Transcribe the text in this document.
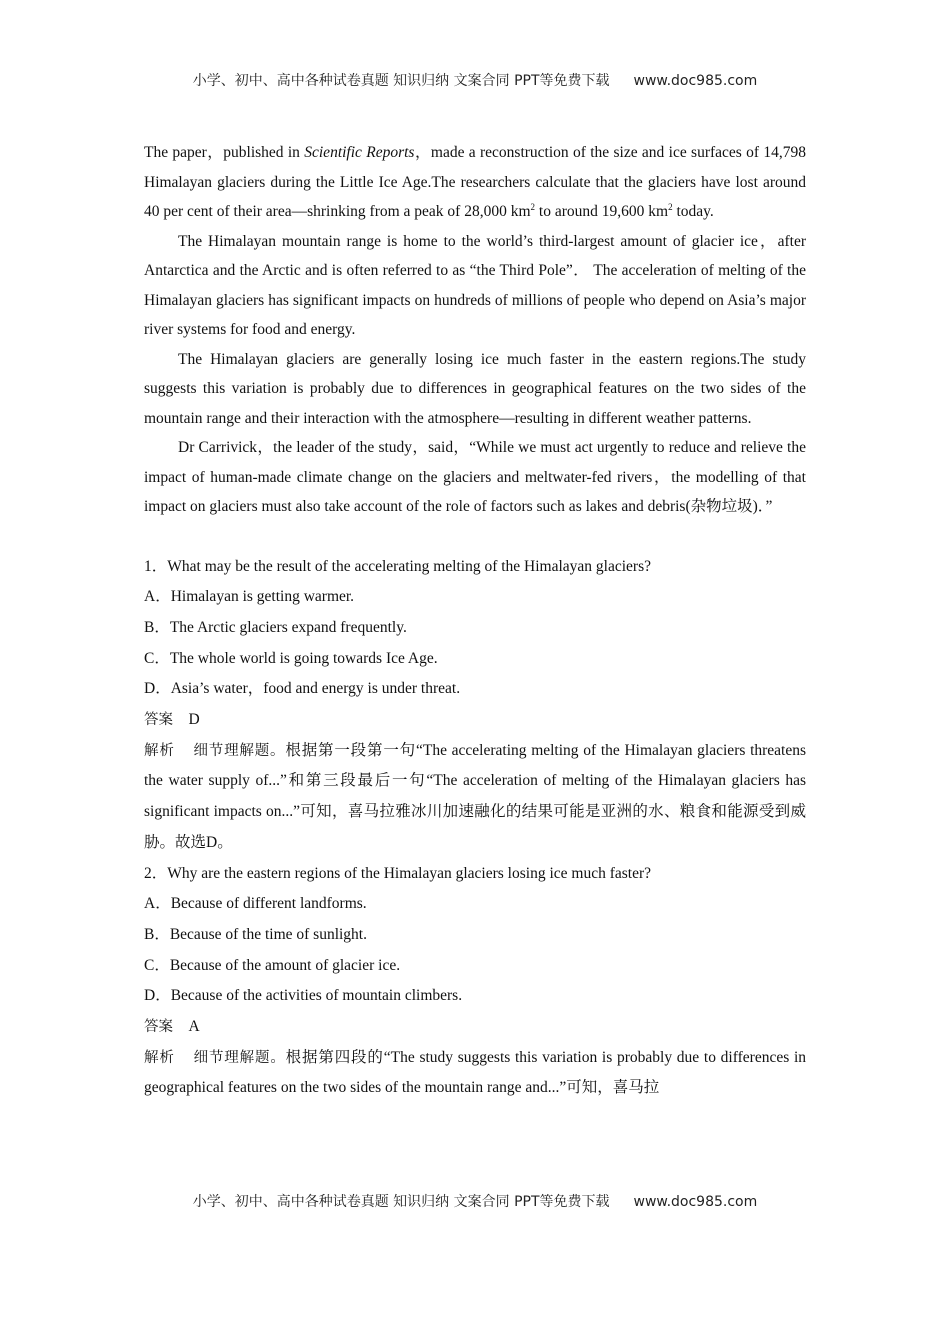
小学、初中、高中各种试卷真题 知识归纳 文案合同 PPT等免费下载 www.doc985.com

The paper，published in Scientific Reports，made a reconstruction of the size and ice surfaces of 14,798 Himalayan glaciers during the Little Ice Age.The researchers calculate that the glaciers have lost around 40 per cent of their area—shrinking from a peak of 28,000 $km^2$ to around 19,600 $km^2$ today.

The Himalayan mountain range is home to the world’s third-largest amount of glacier ice，after Antarctica and the Arctic and is often referred to as “the Third Pole”． The acceleration of melting of the Himalayan glaciers has significant impacts on hundreds of millions of people who depend on Asia’s major river systems for food and energy.

The Himalayan glaciers are generally losing ice much faster in the eastern regions.The study suggests this variation is probably due to differences in geographical features on the two sides of the mountain range and their interaction with the atmosphere—resulting in different weather patterns.

Dr Carrivick，the leader of the study，said，“While we must act urgently to reduce and relieve the impact of human-made climate change on the glaciers and meltwater-fed rivers，the modelling of that impact on glaciers must also take account of the role of factors such as lakes and debris(杂物垃圾)．”

1．What may be the result of the accelerating melting of the Himalayan glaciers?

A．Himalayan is getting warmer.

B．The Arctic glaciers expand frequently.

C．The whole world is going towards Ice Age.

D．Asia’s water，food and energy is under threat.

答案 D

解析 细节理解题。根据第一段第一句“The accelerating melting of the Himalayan glaciers threatens the water supply of...”和第三段最后一句“The acceleration of melting of the Himalayan glaciers has significant impacts on...”可知，喜马拉雅冰川加速融化的结果可能是亚洲的水、粮食和能源受到威胁。故选D。

2．Why are the eastern regions of the Himalayan glaciers losing ice much faster?

A．Because of different landforms.

B．Because of the time of sunlight.

C．Because of the amount of glacier ice.

D．Because of the activities of mountain climbers.

答案 A

解析 细节理解题。根据第四段的“The study suggests this variation is probably due to differences in geographical features on the two sides of the mountain range and...”可知，喜马拉

小学、初中、高中各种试卷真题 知识归纳 文案合同 PPT等免费下载 www.doc985.com
